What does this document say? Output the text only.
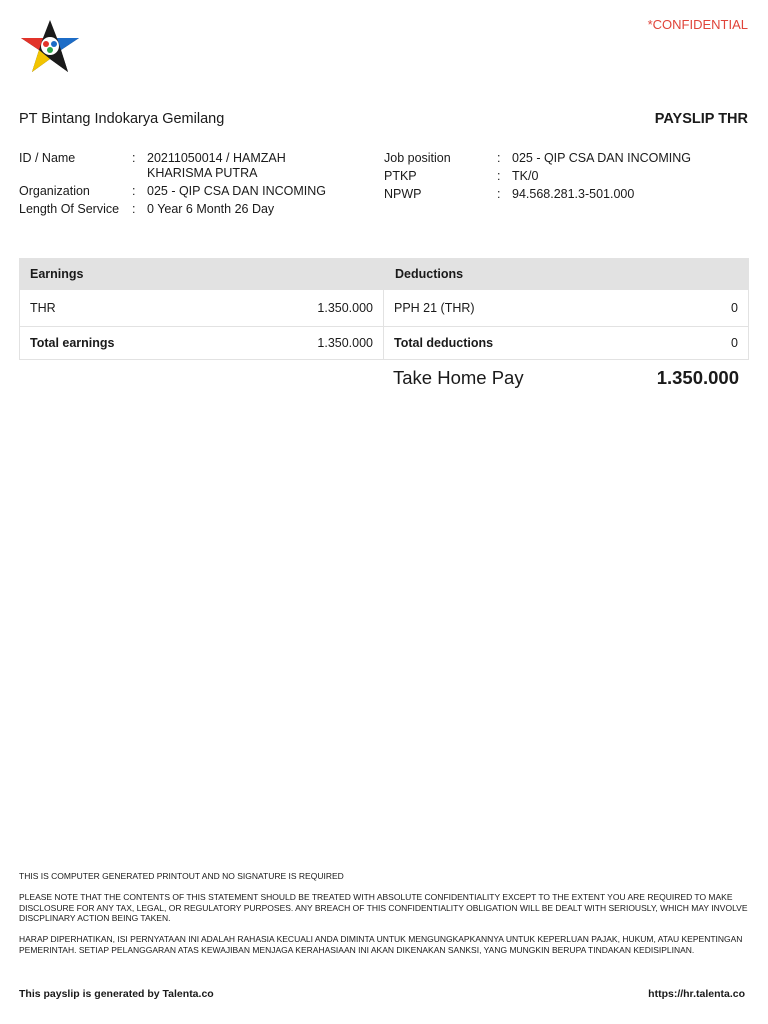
*CONFIDENTIAL
PT Bintang Indokarya Gemilang	PAYSLIP THR
ID / Name	: 20211050014 / HAMZAH KHARISMA PUTRA
Organization	: 025 - QIP CSA DAN INCOMING
Length Of Service	: 0 Year 6 Month 26 Day
Job position	: 025 - QIP CSA DAN INCOMING
PTKP	: TK/0
NPWP	: 94.568.281.3-501.000
Earnings	Deductions
THR	1.350.000 PPH 21 (THR)	0
Total earnings	1.350.000 Total deductions	0
Take Home Pay	1.350.000

THIS IS COMPUTER GENERATED PRINTOUT AND NO SIGNATURE IS REQUIRED

PLEASE NOTE THAT THE CONTENTS OF THIS STATEMENT SHOULD BE TREATED WITH ABSOLUTE CONFIDENTIALITY EXCEPT TO THE EXTENT YOU ARE REQUIRED TO MAKE DISCLOSURE FOR ANY TAX, LEGAL, OR REGULATORY PURPOSES. ANY BREACH OF THIS CONFIDENTIALITY OBLIGATION WILL BE DEALT WITH SERIOUSLY, WHICH MAY INVOLVE DISCPLINARY ACTION BEING TAKEN.

HARAP DIPERHATIKAN, ISI PERNYATAAN INI ADALAH RAHASIA KECUALI ANDA DIMINTA UNTUK MENGUNGKAPKANNYA UNTUK KEPERLUAN PAJAK, HUKUM, ATAU KEPENTINGAN PEMERINTAH. SETIAP PELANGGARAN ATAS KEWAJIBAN MENJAGA KERAHASIAAN INI AKAN DIKENAKAN SANKSI, YANG MUNGKIN BERUPA TINDAKAN KEDISIPLINAN.

This payslip is generated by Talenta.co	https://hr.talenta.co
